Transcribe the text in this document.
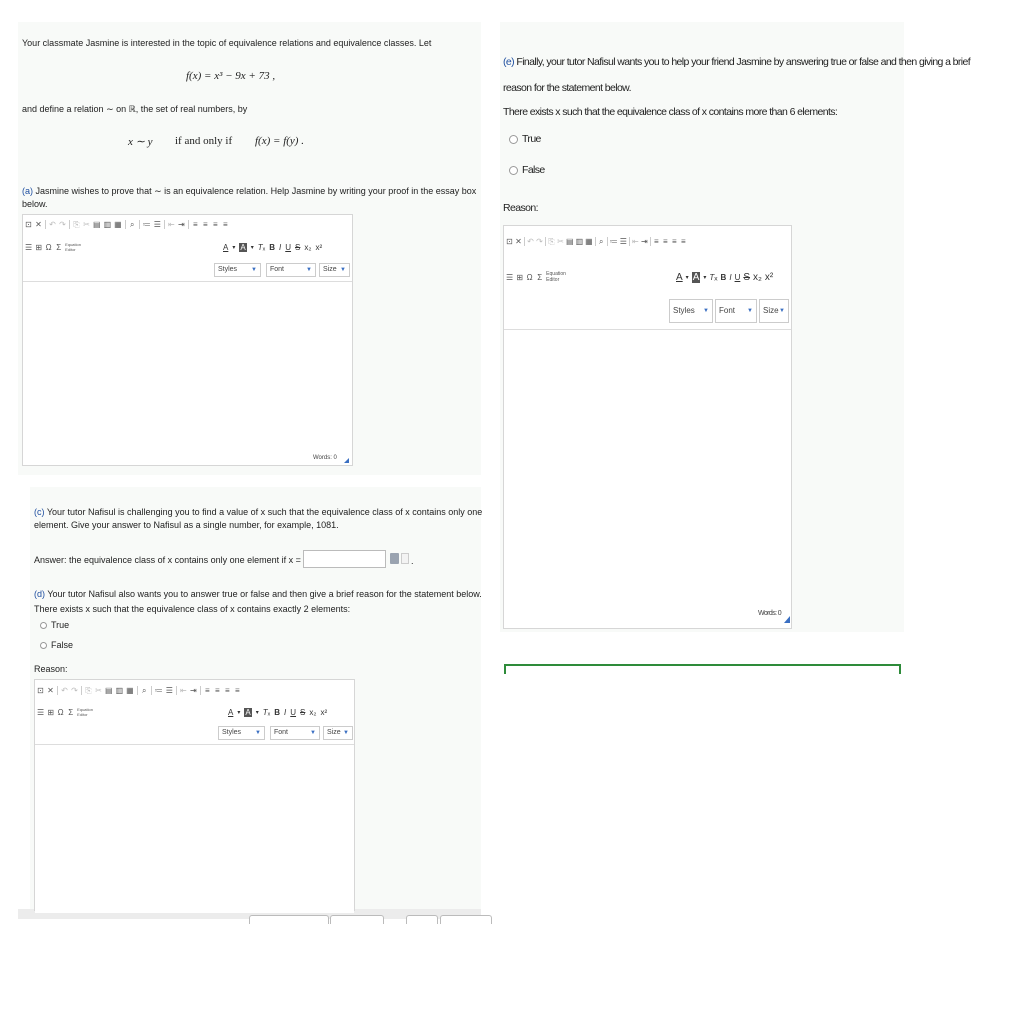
Your classmate Jasmine is interested in the topic of equivalence relations and equivalence classes. Let
f(x) = x³ − 9x + 73 ,
and define a relation ∼ on ℝ, the set of real numbers, by
x ∼ y if and only if f(x) = f(y) .
(a) Jasmine wishes to prove that ∼ is an equivalence relation. Help Jasmine by writing your proof in the essay box
below.
⊡ ✕ ↶ ↷ ⎘ ✂ ▤ ▥ ▦ ⌕ ≔ ☰ ⇤ ⇥ ≡ ≡ ≡ ≡
☰ ⊞ Ω Σ Equation Editor	A ▾ A ▾ Tₓ B I U S x₂ x²
Styles ▼	Font	▼	Size ▼
Words: 0
(c) Your tutor Nafisul is challenging you to find a value of x such that the equivalence class of x contains only one
element. Give your answer to Nafisul as a single number, for example, 1081.
Answer: the equivalence class of x contains only one element if x =	.
(d) Your tutor Nafisul also wants you to answer true or false and then give a brief reason for the statement below.
There exists x such that the equivalence class of x contains exactly 2 elements:
True
False
Reason:
⊡ ✕ ↶ ↷ ⎘ ✂ ▤ ▥ ▦ ⌕ ≔ ☰ ⇤ ⇥ ≡ ≡ ≡ ≡
☰ ⊞ Ω Σ Equation Editor	A ▾ A ▾ Tₓ B I U S x₂ x²
Styles ▼	Font	▼	Size ▼
(e) Finally, your tutor Nafisul wants you to help your friend Jasmine by answering true or false and then giving a brief
reason for the statement below.
There exists x such that the equivalence class of x contains more than 6 elements:
True
False
Reason:
⊡ ✕ ↶ ↷ ⎘ ✂ ▤ ▥ ▦ ⌕ ≔ ☰ ⇤ ⇥ ≡ ≡ ≡ ≡
☰ ⊞ Ω Σ Equation Editor	A ▾ A ▾ Tₓ B I U S x₂ x²
Styles ▼	Font ▼	Size ▼
Words: 0
